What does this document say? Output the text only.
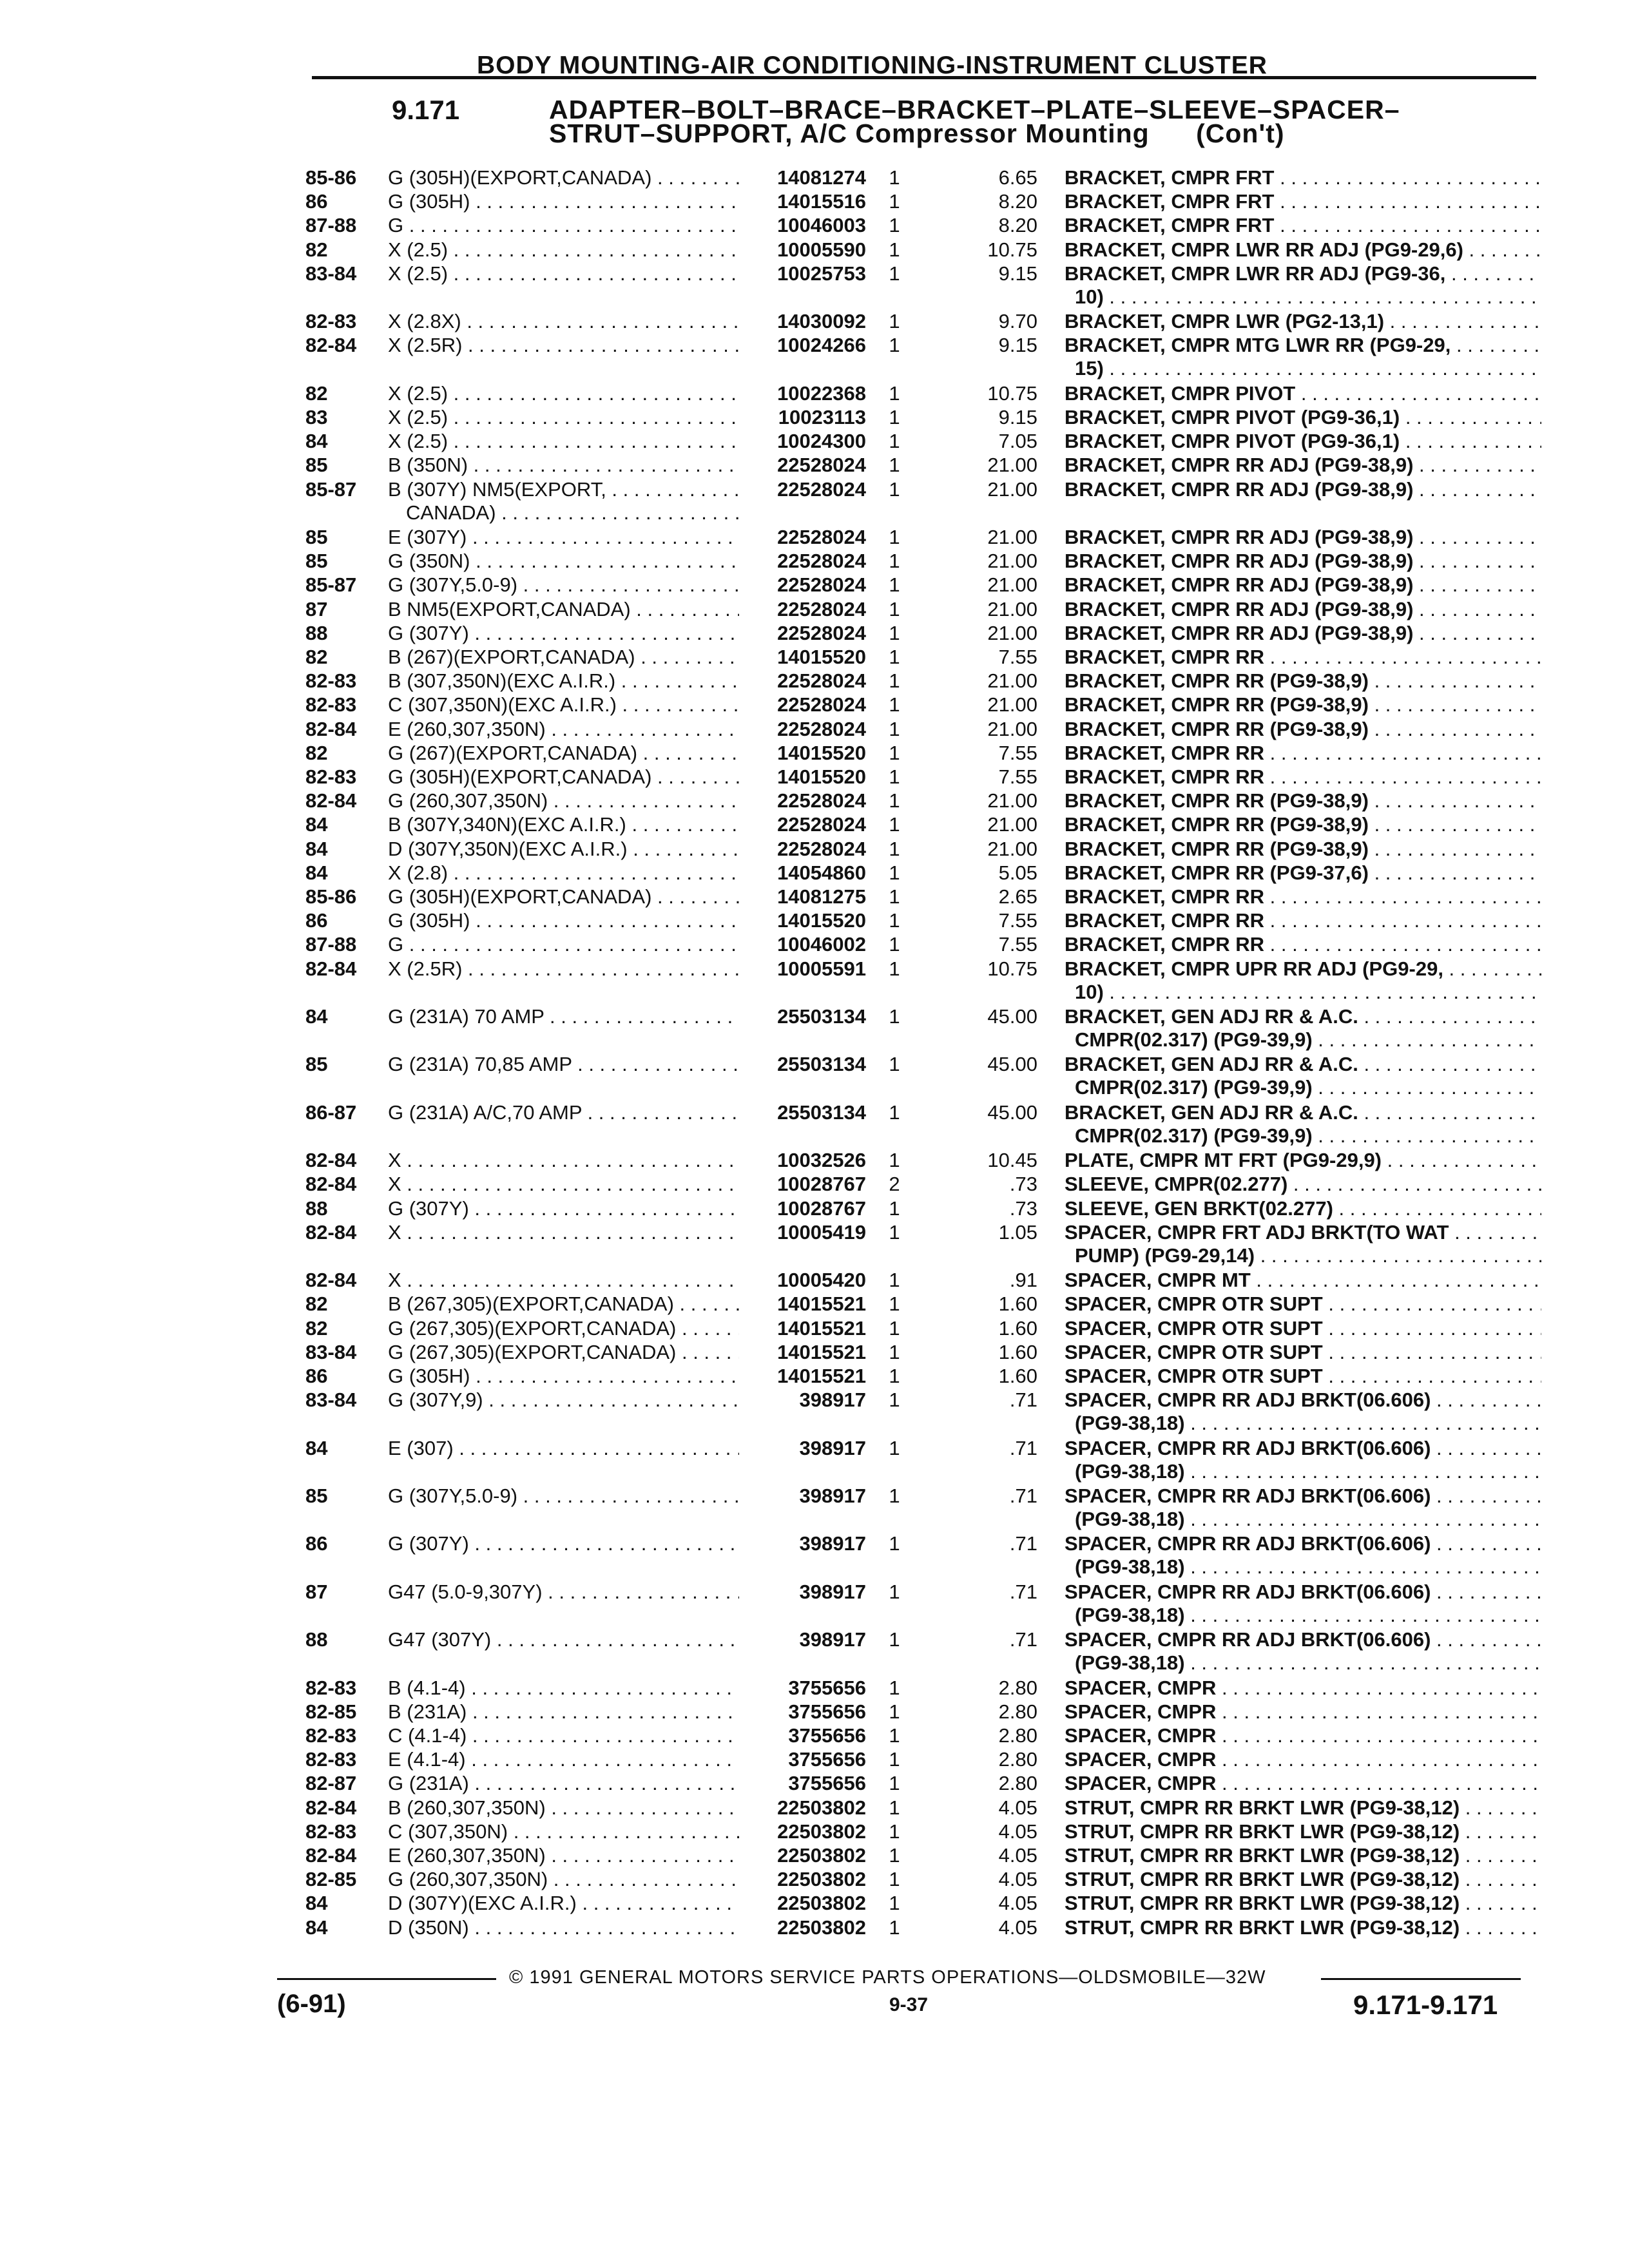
BODY MOUNTING-AIR CONDITIONING-INSTRUMENT CLUSTER
9.171	ADAPTER–BOLT–BRACE–BRACKET–PLATE–SLEEVE–SPACER–
STRUT–SUPPORT, A/C Compressor Mounting (Con't)
85-86	G (305H)(EXPORT,CANADA) . . .	14081274	1	6.65 BRACKET, CMPR FRT . . .
86	G (305H) . . .	14015516	1	8.20 BRACKET, CMPR FRT . . .
87-88	G . . .	10046003	1	8.20 BRACKET, CMPR FRT . . .
82	X (2.5) . . .	10005590	1	10.75 BRACKET, CMPR LWR RR ADJ (PG9-29,6) . . .
83-84	X (2.5) . . .	10025753	1	9.15 BRACKET, CMPR LWR RR ADJ (PG9-36, . . .
10) . . .
82-83	X (2.8X) . . .	14030092	1	9.70 BRACKET, CMPR LWR (PG2-13,1) . . .
82-84	X (2.5R) . . .	10024266	1	9.15 BRACKET, CMPR MTG LWR RR (PG9-29, . . .
15) . . .
82	X (2.5) . . .	10022368	1	10.75 BRACKET, CMPR PIVOT . . .
83	X (2.5) . . .	10023113	1	9.15 BRACKET, CMPR PIVOT (PG9-36,1) . . .
84	X (2.5) . . .	10024300	1	7.05 BRACKET, CMPR PIVOT (PG9-36,1) . . .
85	B (350N) . . .	22528024	1	21.00 BRACKET, CMPR RR ADJ (PG9-38,9) . . .
85-87	B (307Y) NM5(EXPORT, . . .	22528024	1	21.00 BRACKET, CMPR RR ADJ (PG9-38,9) . . .
CANADA) . . .
85	E (307Y) . . .	22528024	1	21.00 BRACKET, CMPR RR ADJ (PG9-38,9) . . .
85	G (350N) . . .	22528024	1	21.00 BRACKET, CMPR RR ADJ (PG9-38,9) . . .
85-87	G (307Y,5.0-9) . . .	22528024	1	21.00 BRACKET, CMPR RR ADJ (PG9-38,9) . . .
87	B NM5(EXPORT,CANADA) . . .	22528024	1	21.00 BRACKET, CMPR RR ADJ (PG9-38,9) . . .
88	G (307Y) . . .	22528024	1	21.00 BRACKET, CMPR RR ADJ (PG9-38,9) . . .
82	B (267)(EXPORT,CANADA) . . .	14015520	1	7.55 BRACKET, CMPR RR . . .
82-83	B (307,350N)(EXC A.I.R.) . . .	22528024	1	21.00 BRACKET, CMPR RR (PG9-38,9) . . .
82-83	C (307,350N)(EXC A.I.R.) . . .	22528024	1	21.00 BRACKET, CMPR RR (PG9-38,9) . . .
82-84	E (260,307,350N) . . .	22528024	1	21.00 BRACKET, CMPR RR (PG9-38,9) . . .
82	G (267)(EXPORT,CANADA) . . .	14015520	1	7.55 BRACKET, CMPR RR . . .
82-83	G (305H)(EXPORT,CANADA) . . .	14015520	1	7.55 BRACKET, CMPR RR . . .
82-84	G (260,307,350N) . . .	22528024	1	21.00 BRACKET, CMPR RR (PG9-38,9) . . .
84	B (307Y,340N)(EXC A.I.R.) . . .	22528024	1	21.00 BRACKET, CMPR RR (PG9-38,9) . . .
84	D (307Y,350N)(EXC A.I.R.) . . .	22528024	1	21.00 BRACKET, CMPR RR (PG9-38,9) . . .
84	X (2.8) . . .	14054860	1	5.05 BRACKET, CMPR RR (PG9-37,6) . . .
85-86	G (305H)(EXPORT,CANADA) . . .	14081275	1	2.65 BRACKET, CMPR RR . . .
86	G (305H) . . .	14015520	1	7.55 BRACKET, CMPR RR . . .
87-88	G . . .	10046002	1	7.55 BRACKET, CMPR RR . . .
82-84	X (2.5R) . . .	10005591	1	10.75 BRACKET, CMPR UPR RR ADJ (PG9-29, . . .
10) . . .
84	G (231A) 70 AMP . . .	25503134	1	45.00 BRACKET, GEN ADJ RR & A.C. . . .
CMPR(02.317) (PG9-39,9) . . .
85	G (231A) 70,85 AMP . . .	25503134	1	45.00 BRACKET, GEN ADJ RR & A.C. . . .
CMPR(02.317) (PG9-39,9) . . .
86-87	G (231A) A/C,70 AMP . . .	25503134	1	45.00 BRACKET, GEN ADJ RR & A.C. . . .
CMPR(02.317) (PG9-39,9) . . .
82-84	X . . .	10032526	1	10.45 PLATE, CMPR MT FRT (PG9-29,9) . . .
82-84	X . . .	10028767	2	.73 SLEEVE, CMPR(02.277) . . .
88	G (307Y) . . .	10028767	1	.73 SLEEVE, GEN BRKT(02.277) . . .
82-84	X . . .	10005419	1	1.05 SPACER, CMPR FRT ADJ BRKT(TO WAT . . .
PUMP) (PG9-29,14) . . .
82-84	X . . .	10005420	1	.91 SPACER, CMPR MT . . .
82	B (267,305)(EXPORT,CANADA) . . .	14015521	1	1.60 SPACER, CMPR OTR SUPT . . .
82	G (267,305)(EXPORT,CANADA) . . .	14015521	1	1.60 SPACER, CMPR OTR SUPT . . .
83-84	G (267,305)(EXPORT,CANADA) . . .	14015521	1	1.60 SPACER, CMPR OTR SUPT . . .
86	G (305H) . . .	14015521	1	1.60 SPACER, CMPR OTR SUPT . . .
83-84	G (307Y,9) . . .	398917	1	.71 SPACER, CMPR RR ADJ BRKT(06.606) . . .
(PG9-38,18) . . .
84	E (307) . . .	398917	1	.71 SPACER, CMPR RR ADJ BRKT(06.606) . . .
(PG9-38,18) . . .
85	G (307Y,5.0-9) . . .	398917	1	.71 SPACER, CMPR RR ADJ BRKT(06.606) . . .
(PG9-38,18) . . .
86	G (307Y) . . .	398917	1	.71 SPACER, CMPR RR ADJ BRKT(06.606) . . .
(PG9-38,18) . . .
87	G47 (5.0-9,307Y) . . .	398917	1	.71 SPACER, CMPR RR ADJ BRKT(06.606) . . .
(PG9-38,18) . . .
88	G47 (307Y) . . .	398917	1	.71 SPACER, CMPR RR ADJ BRKT(06.606) . . .
(PG9-38,18) . . .
82-83	B (4.1-4) . . .	3755656	1	2.80 SPACER, CMPR . . .
82-85	B (231A) . . .	3755656	1	2.80 SPACER, CMPR . . .
82-83	C (4.1-4) . . .	3755656	1	2.80 SPACER, CMPR . . .
82-83	E (4.1-4) . . .	3755656	1	2.80 SPACER, CMPR . . .
82-87	G (231A) . . .	3755656	1	2.80 SPACER, CMPR . . .
82-84	B (260,307,350N) . . .	22503802	1	4.05 STRUT, CMPR RR BRKT LWR (PG9-38,12) . . .
82-83	C (307,350N) . . .	22503802	1	4.05 STRUT, CMPR RR BRKT LWR (PG9-38,12) . . .
82-84	E (260,307,350N) . . .	22503802	1	4.05 STRUT, CMPR RR BRKT LWR (PG9-38,12) . . .
82-85	G (260,307,350N) . . .	22503802	1	4.05 STRUT, CMPR RR BRKT LWR (PG9-38,12) . . .
84	D (307Y)(EXC A.I.R.) . . .	22503802	1	4.05 STRUT, CMPR RR BRKT LWR (PG9-38,12) . . .
84	D (350N) . . .	22503802	1	4.05 STRUT, CMPR RR BRKT LWR (PG9-38,12) . . .
© 1991 GENERAL MOTORS SERVICE PARTS OPERATIONS—OLDSMOBILE—32W
(6-91)	9-37	9.171-9.171
